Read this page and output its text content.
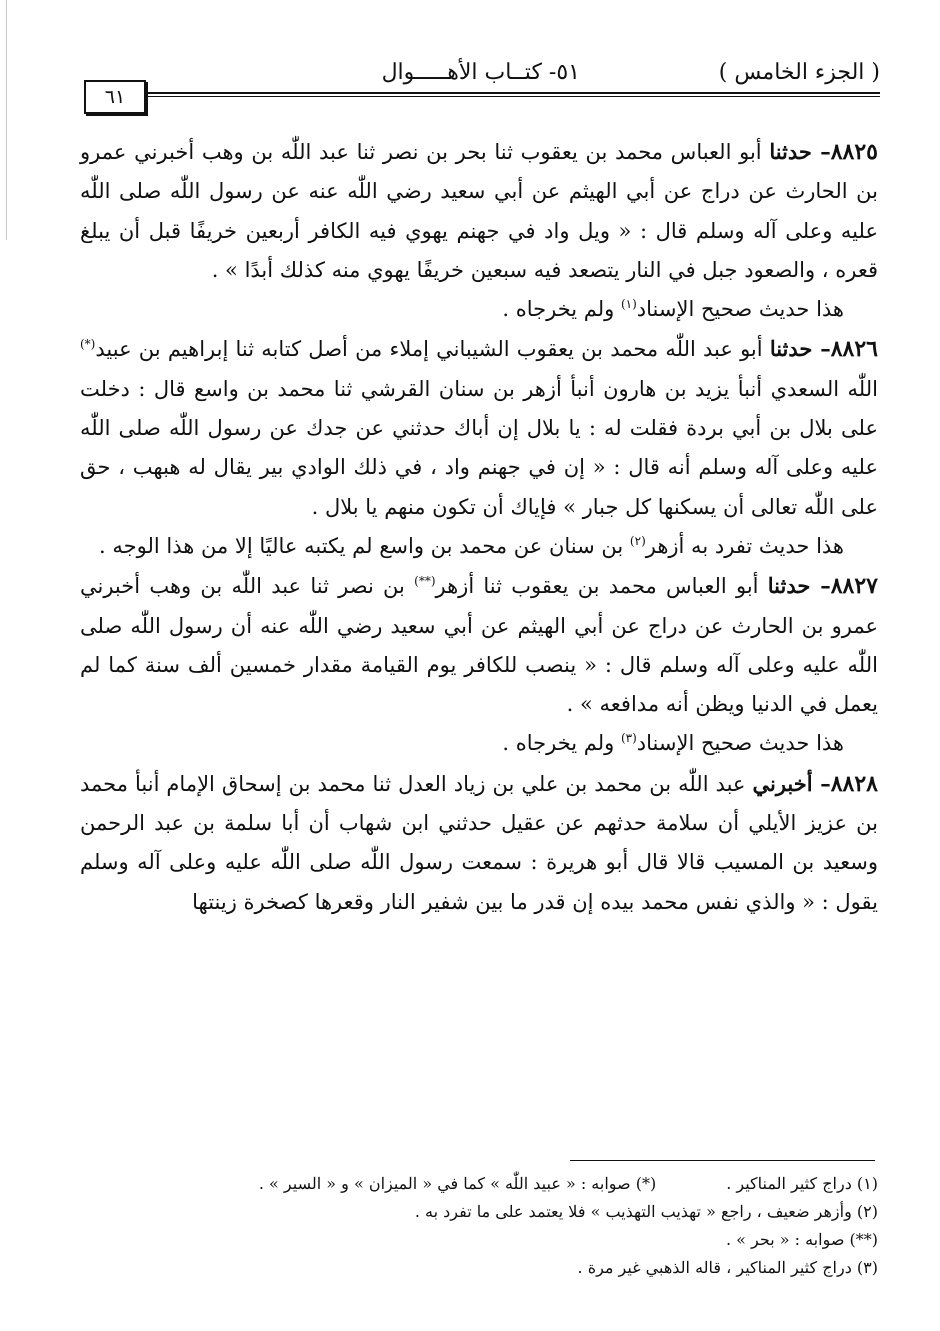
( الجزء الخامس )
٥١- كتــاب الأهـــــوال
٦١

٨٨٢٥– حدثنا أبو العباس محمد بن يعقوب ثنا بحر بن نصر ثنا عبد اللّٰه بن وهب أخبرني عمرو بن الحارث عن دراج عن أبي الهيثم عن أبي سعيد رضي اللّٰه عنه عن رسول اللّٰه صلى اللّٰه عليه وعلى آله وسلم قال : « ويل واد في جهنم يهوي فيه الكافر أربعين خريفًا قبل أن يبلغ قعره ، والصعود جبل في النار يتصعد فيه سبعين خريفًا يهوي منه كذلك أبدًا » .

هذا حديث صحيح الإسناد$^{(١)}$ ولم يخرجاه .

٨٨٢٦– حدثنا أبو عبد اللّٰه محمد بن يعقوب الشيباني إملاء من أصل كتابه ثنا إبراهيم بن عبيد(*) اللّٰه السعدي أنبأ يزيد بن هارون أنبأ أزهر بن سنان القرشي ثنا محمد بن واسع قال : دخلت على بلال بن أبي بردة فقلت له : يا بلال إن أباك حدثني عن جدك عن رسول اللّٰه صلى اللّٰه عليه وعلى آله وسلم أنه قال : « إن في جهنم واد ، في ذلك الوادي بير يقال له هبهب ، حق على اللّٰه تعالى أن يسكنها كل جبار » فإياك أن تكون منهم يا بلال .

هذا حديث تفرد به أزهر$^{(٢)}$ بن سنان عن محمد بن واسع لم يكتبه عاليًا إلا من هذا الوجه .

٨٨٢٧– حدثنا أبو العباس محمد بن يعقوب ثنا أزهر(**) بن نصر ثنا عبد اللّٰه بن وهب أخبرني عمرو بن الحارث عن دراج عن أبي الهيثم عن أبي سعيد رضي اللّٰه عنه أن رسول اللّٰه صلى اللّٰه عليه وعلى آله وسلم قال : « ينصب للكافر يوم القيامة مقدار خمسين ألف سنة كما لم يعمل في الدنيا ويظن أنه مدافعه » .

هذا حديث صحيح الإسناد$^{(٣)}$ ولم يخرجاه .

٨٨٢٨– أخبرني عبد اللّٰه بن محمد بن علي بن زياد العدل ثنا محمد بن إسحاق الإمام أنبأ محمد بن عزيز الأيلي أن سلامة حدثهم عن عقيل حدثني ابن شهاب أن أبا سلمة بن عبد الرحمن وسعيد بن المسيب قالا قال أبو هريرة : سمعت رسول اللّٰه صلى اللّٰه عليه وعلى آله وسلم يقول : « والذي نفس محمد بيده إن قدر ما بين شفير النار وقعرها كصخرة زينتها

(١) دراج كثير المناكير .(*) صوابه : « عبيد اللّٰه » كما في « الميزان » و « السير » .
(٢) وأزهر ضعيف ، راجع « تهذيب التهذيب » فلا يعتمد على ما تفرد به .
(**) صوابه : « بحر » .
(٣) دراج كثير المناكير ، قاله الذهبي غير مرة .
